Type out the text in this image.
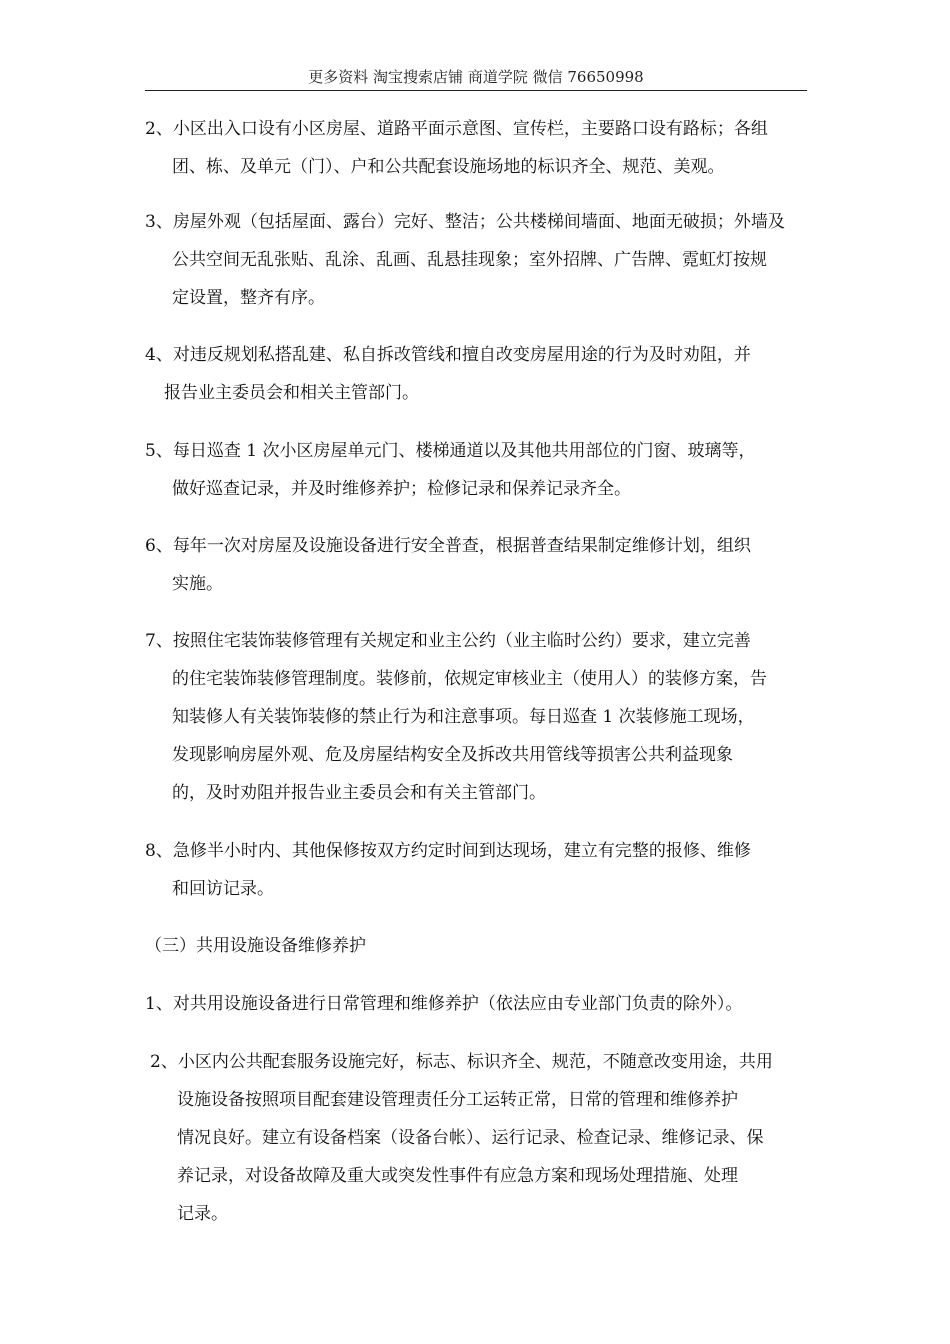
更多资料 淘宝搜索店铺 商道学院 微信 76650998
2、小区出入口设有小区房屋、道路平面示意图、宣传栏，主要路口设有路标；各组
团、栋、及单元（门）、户和公共配套设施场地的标识齐全、规范、美观。
3、房屋外观（包括屋面、露台）完好、整洁；公共楼梯间墙面、地面无破损；外墙及
公共空间无乱张贴、乱涂、乱画、乱悬挂现象；室外招牌、广告牌、霓虹灯按规
定设置，整齐有序。
4、对违反规划私搭乱建、私自拆改管线和擅自改变房屋用途的行为及时劝阻，并
报告业主委员会和相关主管部门。
5、每日巡查 1 次小区房屋单元门、楼梯通道以及其他共用部位的门窗、玻璃等，
做好巡查记录，并及时维修养护；检修记录和保养记录齐全。
6、每年一次对房屋及设施设备进行安全普查，根据普查结果制定维修计划，组织
实施。
7、按照住宅装饰装修管理有关规定和业主公约（业主临时公约）要求，建立完善
的住宅装饰装修管理制度。装修前，依规定审核业主（使用人）的装修方案，告
知装修人有关装饰装修的禁止行为和注意事项。每日巡查 1 次装修施工现场，
发现影响房屋外观、危及房屋结构安全及拆改共用管线等损害公共利益现象
的，及时劝阻并报告业主委员会和有关主管部门。
8、急修半小时内、其他保修按双方约定时间到达现场，建立有完整的报修、维修
和回访记录。
（三）共用设施设备维修养护
1、对共用设施设备进行日常管理和维修养护（依法应由专业部门负责的除外）。
2、小区内公共配套服务设施完好，标志、标识齐全、规范，不随意改变用途，共用
设施设备按照项目配套建设管理责任分工运转正常，日常的管理和维修养护
情况良好。建立有设备档案（设备台帐）、运行记录、检查记录、维修记录、保
养记录，对设备故障及重大或突发性事件有应急方案和现场处理措施、处理
记录。
